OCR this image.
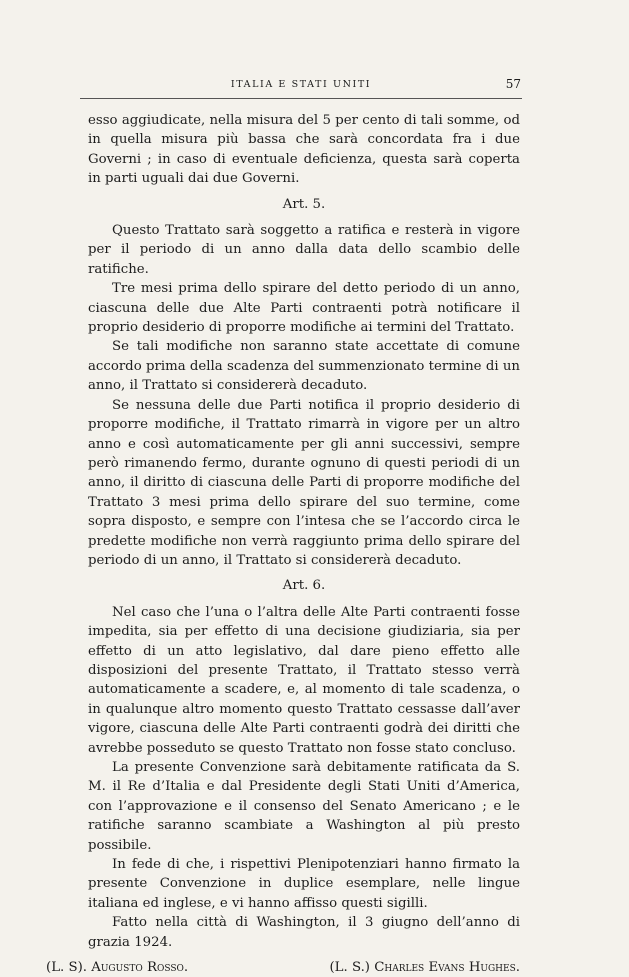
ITALIA E STATI UNITI	57

esso aggiudicate, nella misura del 5 per cento di tali somme, od in quella misura più bassa che sarà concordata fra i due Governi ; in caso di eventuale deficienza, questa sarà coperta in parti uguali dai due Governi.

Art. 5.

Questo Trattato sarà soggetto a ratifica e resterà in vigore per il periodo di un anno dalla data dello scambio delle ratifiche.

Tre mesi prima dello spirare del detto periodo di un anno, ciascuna delle due Alte Parti contraenti potrà notificare il proprio desiderio di proporre modifiche ai termini del Trattato.

Se tali modifiche non saranno state accettate di comune accordo prima della scadenza del summenzionato termine di un anno, il Trattato si considererà decaduto.

Se nessuna delle due Parti notifica il proprio desiderio di proporre modifiche, il Trattato rimarrà in vigore per un altro anno e così automaticamente per gli anni successivi, sempre però rimanendo fermo, durante ognuno di questi periodi di un anno, il diritto di ciascuna delle Parti di proporre modifiche del Trattato 3 mesi prima dello spirare del suo termine, come sopra disposto, e sempre con l’intesa che se l’accordo circa le predette modifiche non verrà raggiunto prima dello spirare del periodo di un anno, il Trattato si considererà decaduto.

Art. 6.

Nel caso che l’una o l’altra delle Alte Parti contraenti fosse impedita, sia per effetto di una decisione giudiziaria, sia per effetto di un atto legislativo, dal dare pieno effetto alle disposizioni del presente Trattato, il Trattato stesso verrà automaticamente a scadere, e, al momento di tale scadenza, o in qualunque altro momento questo Trattato cessasse dall’aver vigore, ciascuna delle Alte Parti contraenti godrà dei diritti che avrebbe posseduto se questo Trattato non fosse stato concluso.

La presente Convenzione sarà debitamente ratificata da S. M. il Re d’Italia e dal Presidente degli Stati Uniti d’America, con l’approvazione e il consenso del Senato Americano ; e le ratifiche saranno scambiate a Washington al più presto possibile.

In fede di che, i rispettivi Plenipotenziari hanno firmato la presente Convenzione in duplice esemplare, nelle lingue italiana ed inglese, e vi hanno affisso questi sigilli.

Fatto nella città di Washington, il 3 giugno dell’anno di grazia 1924.

(L. S). Augusto Rosso.	(L. S.) Charles Evans Hughes.
